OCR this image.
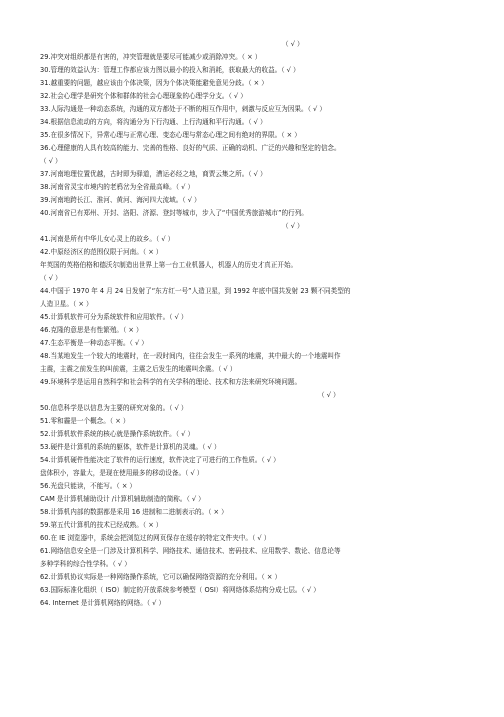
（ √ ）
29.冲突对组织都是有害的，冲突管理就是要尽可能减少或消除冲突。（ × ）
30.管理的效益认为：管理工作都应该力图以最小的投入和消耗，获取最大的收益。（ √ ）
31.越重要的问题，越应该由个体决策，因为个体决策能避免意见分歧。（ × ）
32.社会心理学是研究个体和群体的社会心理现象的心理学分支。（ √ ）
33.人际沟通是一种动态系统，沟通的双方都处于不断的相互作用中，刺激与反应互为因果。（ √ ）
34.根据信息流动的方向，将沟通分为下行沟通、上行沟通和平行沟通。（ √ ）
35.在很多情况下，异常心理与正常心理、变态心理与常态心理之间有绝对的界限。（ × ）
36.心理健康的人具有较高的能力、完善的性格、良好的气质、正确的动机、广泛的兴趣和坚定的信念。
（ √ ）
37.河南地理位置优越，古时即为驿道，漕运必经之地，商贾云集之所。（ √ ）
38.河南省灵宝市境内的老鸦岔为全省最高峰。（ √ ）
39.河南地跨长江、淮河、黄河、海河四大流域。（ √ ）
40.河南省已有郑州、开封、洛阳、济源、登封等城市，步入了“中国优秀旅游城市”的行列。
（ √ ）
41.河南是所有中华儿女心灵上的故乡。（ √ ）
42.中原经济区的范围仅限于河南。（ × ）
年英国的英格伯格和德沃尔制造出世界上第一台工业机器人，机器人的历史才真正开始。
（ √ ）
44.中国于 1970 年 4 月 24 日发射了“东方红一号”人造卫星，到 1992 年底中国共发射 23 颗不同类型的
人造卫星。（ × ）
45.计算机软件可分为系统软件和应用软件。（ √ ）
46.克隆的意思是有性繁殖。（ × ）
47.生态平衡是一种动态平衡。（ √ ）
48.当某地发生一个较大的地震时，在一段时间内，往往会发生一系列的地震，其中最大的一个地震叫作
主震，主震之前发生的叫前震，主震之后发生的地震叫余震。（ √ ）
49.环境科学是运用自然科学和社会科学的有关学科的理论、技术和方法来研究环境问题。
（ √ ）
50.信息科学是以信息为主要的研究对象的。（ √ ）
51.零和霾是一个概念。（ × ）
52.计算机软件系统的核心就是操作系统软件。（ √ ）
53.硬件是计算机的系统的躯体，软件是计算机的灵魂。（ √ ）
54.计算机硬件性能决定了软件的运行速度，软件决定了可进行的工作性质。（ √ ）
盘体积小，容量大，是现在使用最多的移动设备。（ √ ）
56.光盘只能读，不能写。（ × ）
CAM 是计算机辅助设计 /计算机辅助制造的简称。（ √ ）
58.计算机内部的数据都是采用 16 进制和二进制表示的。（ × ）
59.第五代计算机的技术已经成熟。（ × ）
60.在 IE 浏览器中，系统会把浏览过的网页保存在缓存的特定文件夹中。（ √ ）
61.网络信息安全是一门涉及计算机科学、网络技术、通信技术、密码技术、应用数学、数论、信息论等
多种学科的综合性学科。（ √ ）
62.计算机协议实际是一种网络操作系统，它可以确保网络资源的充分利用。（ × ）
63.国际标准化组织（ ISO）制定的开放系统参考模型（ OSI）将网络体系结构分成七层。（ √ ）
64. Internet 是计算机网络的网络。（ √ ）
